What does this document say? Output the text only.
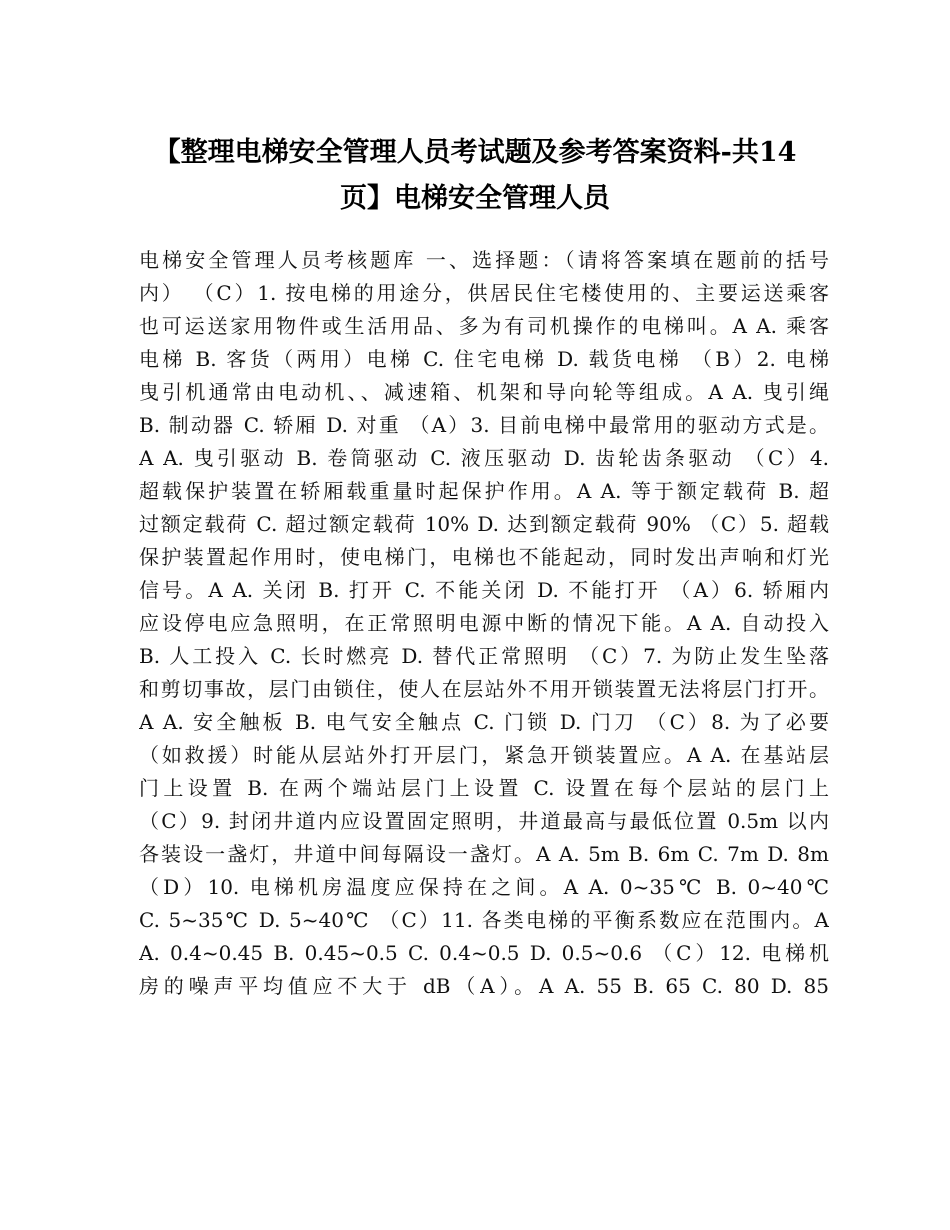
【整理电梯安全管理人员考试题及参考答案资料-共14
页】电梯安全管理人员
电梯安全管理人员考核题库 一、选择题：（请将答案填在题前的括号
内） （C）1. 按电梯的用途分，供居民住宅楼使用的、主要运送乘客
也可运送家用物件或生活用品、多为有司机操作的电梯叫。A A. 乘客
电梯 B. 客货（两用）电梯 C. 住宅电梯 D. 载货电梯 （B）2. 电梯
曳引机通常由电动机、、减速箱、机架和导向轮等组成。A A. 曳引绳
B. 制动器 C. 轿厢 D. 对重 （A）3. 目前电梯中最常用的驱动方式是。
A A. 曳引驱动 B. 卷筒驱动 C. 液压驱动 D. 齿轮齿条驱动 （C）4.
超载保护装置在轿厢载重量时起保护作用。A A. 等于额定载荷 B. 超
过额定载荷 C. 超过额定载荷 10% D. 达到额定载荷 90% （C）5. 超载
保护装置起作用时，使电梯门，电梯也不能起动，同时发出声响和灯光
信号。A A. 关闭 B. 打开 C. 不能关闭 D. 不能打开 （A）6. 轿厢内
应设停电应急照明，在正常照明电源中断的情况下能。A A. 自动投入
B. 人工投入 C. 长时燃亮 D. 替代正常照明 （C）7. 为防止发生坠落
和剪切事故，层门由锁住，使人在层站外不用开锁装置无法将层门打开。
A A. 安全触板 B. 电气安全触点 C. 门锁 D. 门刀 （C）8. 为了必要
（如救援）时能从层站外打开层门，紧急开锁装置应。A A. 在基站层
门上设置 B. 在两个端站层门上设置 C. 设置在每个层站的层门上
（C）9. 封闭井道内应设置固定照明，井道最高与最低位置 0.5m 以内
各装设一盏灯，井道中间每隔设一盏灯。A A. 5m B. 6m C. 7m D. 8m
（D）10. 电梯机房温度应保持在之间。A A. 0~35℃ B. 0~40℃
C. 5~35℃ D. 5~40℃ （C）11. 各类电梯的平衡系数应在范围内。A
A. 0.4~0.45 B. 0.45~0.5 C. 0.4~0.5 D. 0.5~0.6 （C）12. 电梯机
房的噪声平均值应不大于 dB（A）。A A. 55 B. 65 C. 80 D. 85
